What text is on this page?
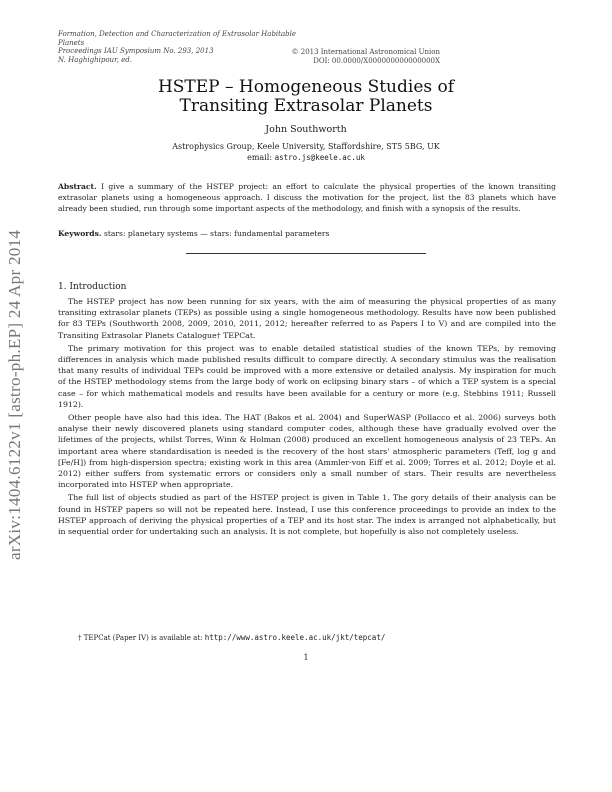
Formation, Detection and Characterization of Extrasolar Habitable
Planets
Proceedings IAU Symposium No. 293, 2013
N. Haghighipour, ed.
© 2013 International Astronomical Union
DOI: 00.0000/X000000000000000X
arXiv:1404.6122v1 [astro-ph.EP] 24 Apr 2014
HSTEP – Homogeneous Studies of
Transiting Extrasolar Planets
John Southworth
Astrophysics Group, Keele University, Staffordshire, ST5 5BG, UK
email: astro.js@keele.ac.uk
Abstract. I give a summary of the HSTEP project: an effort to calculate the physical properties of the known transiting extrasolar planets using a homogeneous approach. I discuss the motivation for the project, list the 83 planets which have already been studied, run through some important aspects of the methodology, and finish with a synopsis of the results.
Keywords. stars: planetary systems — stars: fundamental parameters
1. Introduction

The HSTEP project has now been running for six years, with the aim of measuring the physical properties of as many transiting extrasolar planets (TEPs) as possible using a single homogeneous methodology. Results have now been published for 83 TEPs (Southworth 2008, 2009, 2010, 2011, 2012; hereafter referred to as Papers I to V) and are compiled into the Transiting Extrasolar Planets Catalogue† TEPCat.

The primary motivation for this project was to enable detailed statistical studies of the known TEPs, by removing differences in analysis which made published results difficult to compare directly. A secondary stimulus was the realisation that many results of individual TEPs could be improved with a more extensive or detailed analysis. My inspiration for much of the HSTEP methodology stems from the large body of work on eclipsing binary stars – of which a TEP system is a special case – for which mathematical models and results have been available for a century or more (e.g. Stebbins 1911; Russell 1912).

Other people have also had this idea. The HAT (Bakos et al. 2004) and SuperWASP (Pollacco et al. 2006) surveys both analyse their newly discovered planets using standard computer codes, although these have gradually evolved over the lifetimes of the projects, whilst Torres, Winn & Holman (2008) produced an excellent homogeneous analysis of 23 TEPs. An important area where standardisation is needed is the recovery of the host stars' atmospheric parameters (Teff, log g and [Fe/H]) from high-dispersion spectra; existing work in this area (Ammler-von Eiff et al. 2009; Torres et al. 2012; Doyle et al. 2012) either suffers from systematic errors or considers only a small number of stars. Their results are nevertheless incorporated into HSTEP when appropriate.

The full list of objects studied as part of the HSTEP project is given in Table 1. The gory details of their analysis can be found in HSTEP papers so will not be repeated here. Instead, I use this conference proceedings to provide an index to the HSTEP approach of deriving the physical properties of a TEP and its host star. The index is arranged not alphabetically, but in sequential order for undertaking such an analysis. It is not complete, but hopefully is also not completely useless.

† TEPCat (Paper IV) is available at: http://www.astro.keele.ac.uk/jkt/tepcat/
1
